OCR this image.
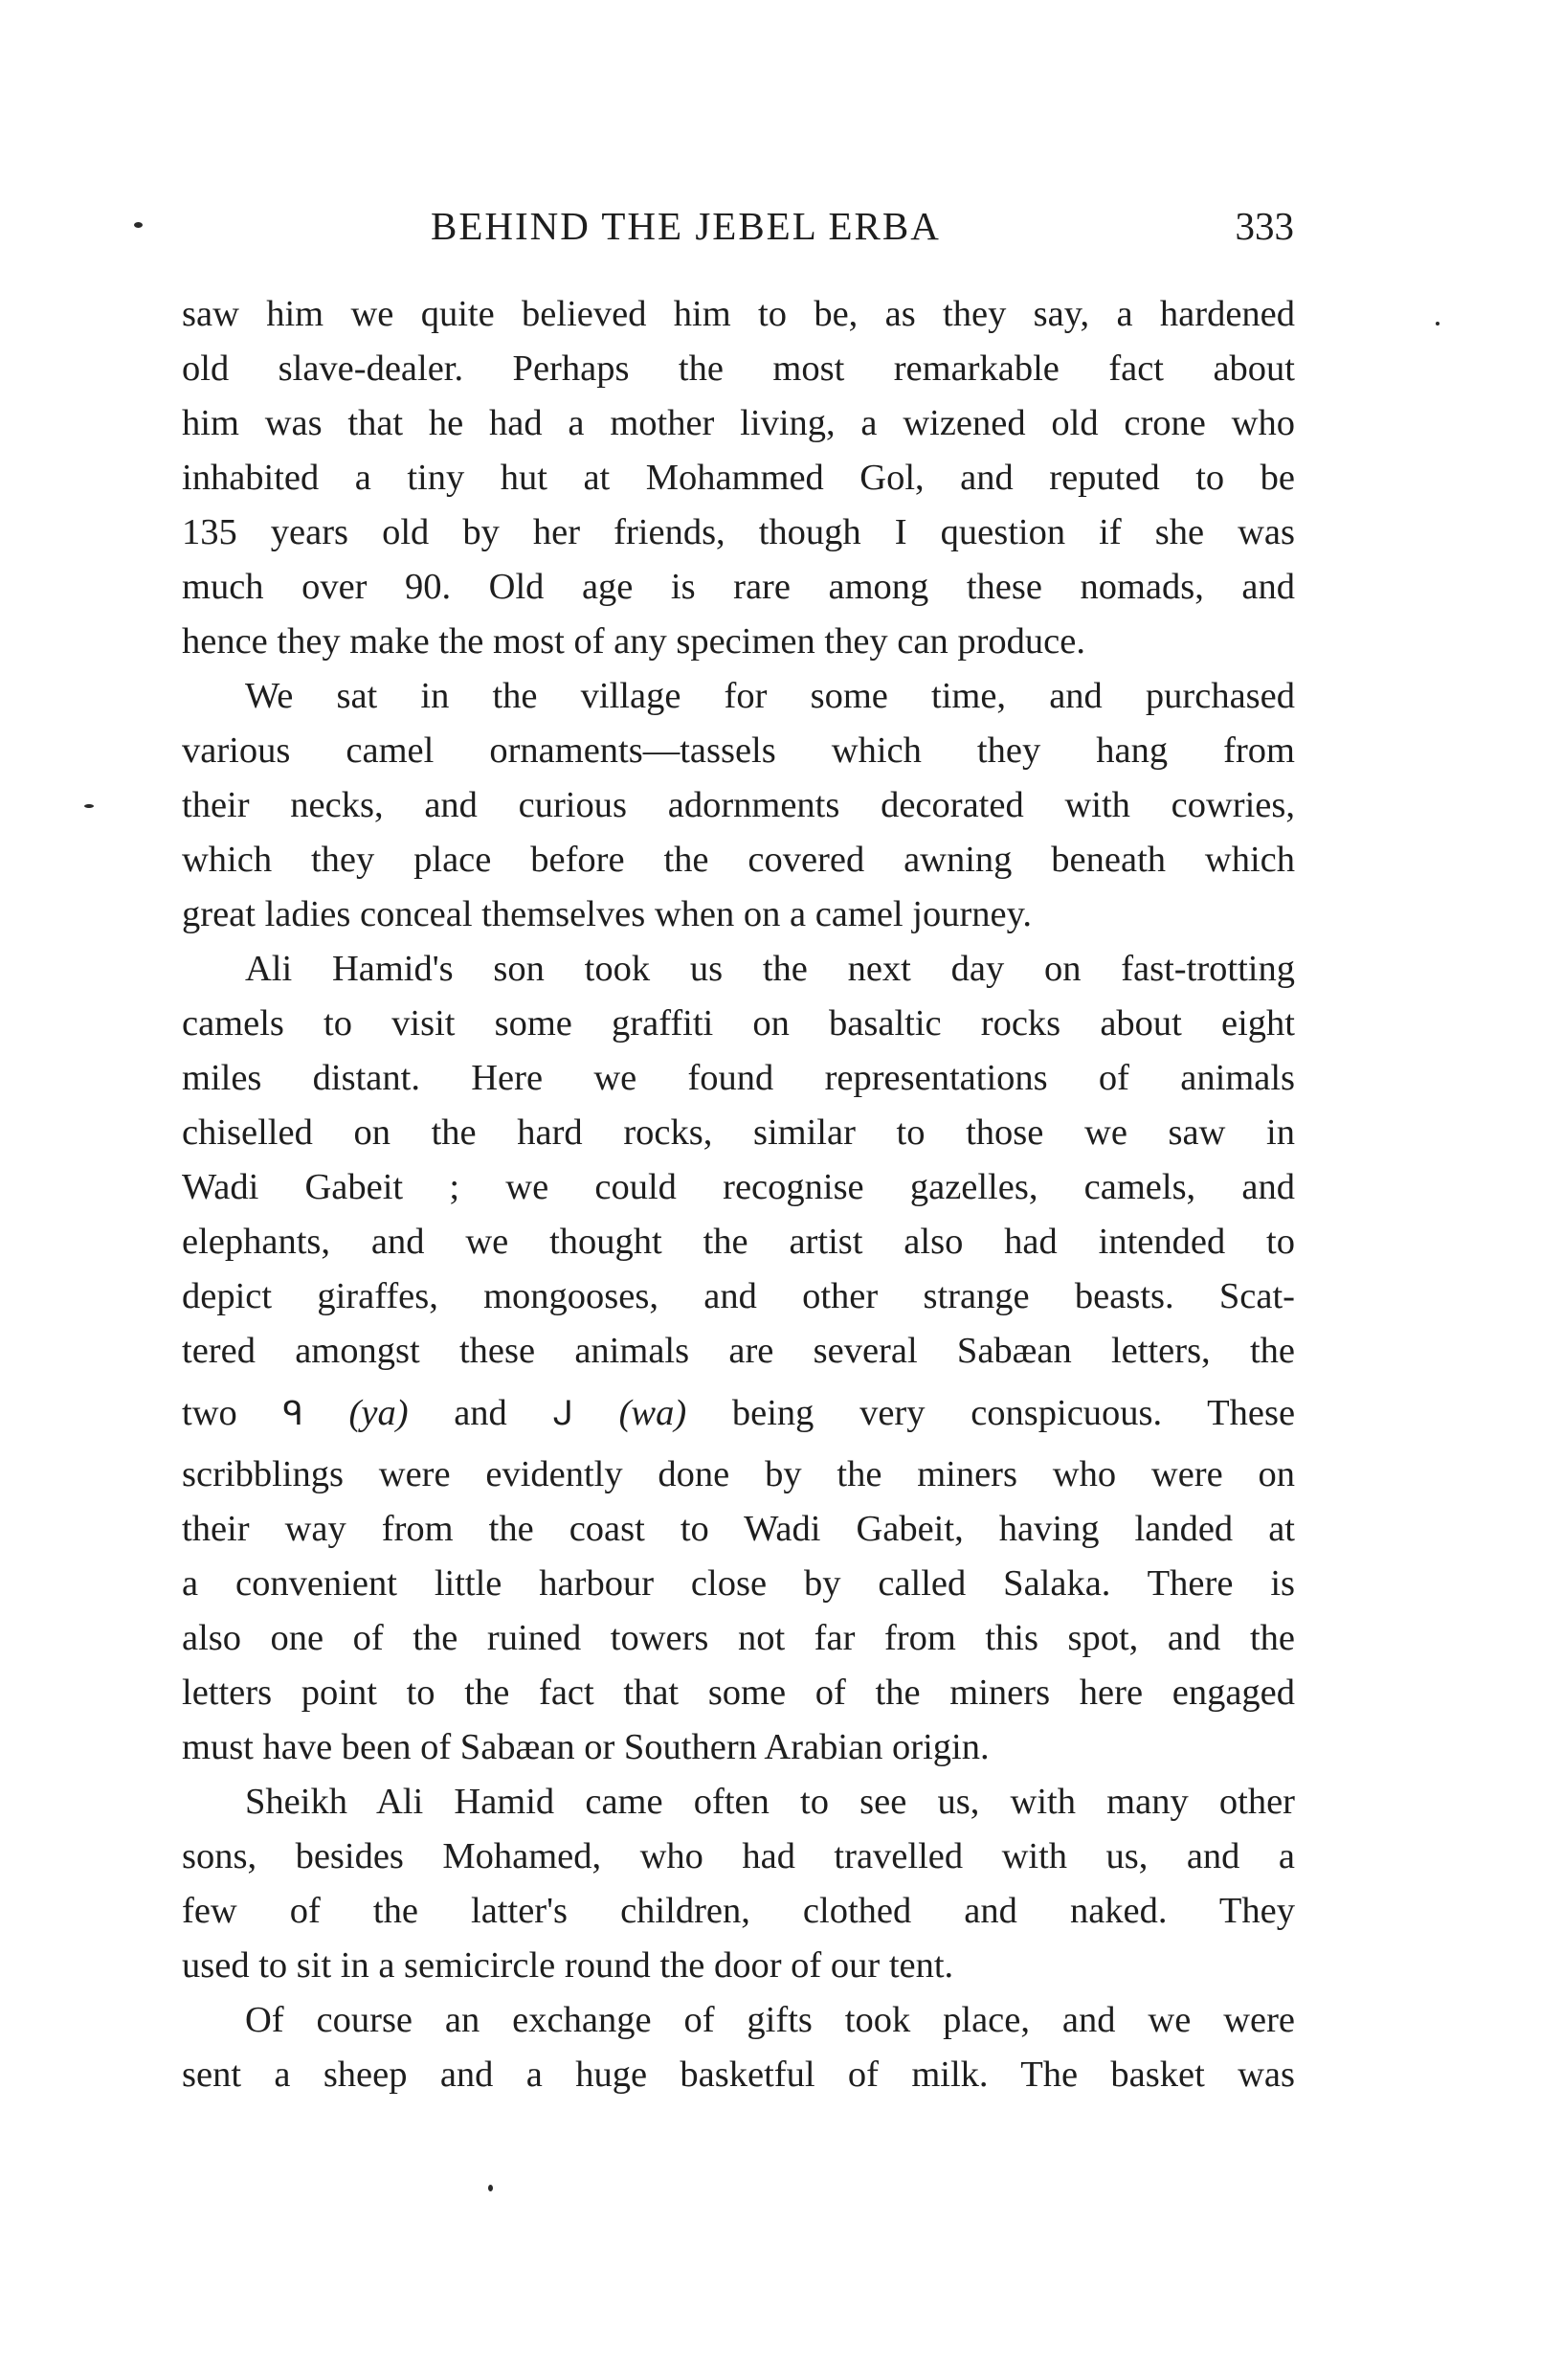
BEHIND THE JEBEL ERBA	333
saw him we quite believed him to be, as they say, a hardened
old slave-dealer. Perhaps the most remarkable fact about
him was that he had a mother living, a wizened old crone who
inhabited a tiny hut at Mohammed Gol, and reputed to be
135 years old by her friends, though I question if she was
much over 90. Old age is rare among these nomads, and
hence they make the most of any specimen they can produce.
We sat in the village for some time, and purchased
various camel ornaments—tassels which they hang from
their necks, and curious adornments decorated with cowries,
which they place before the covered awning beneath which
great ladies conceal themselves when on a camel journey.
Ali Hamid's son took us the next day on fast-trotting
camels to visit some graffiti on basaltic rocks about eight
miles distant. Here we found representations of animals
chiselled on the hard rocks, similar to those we saw in
Wadi Gabeit ; we could recognise gazelles, camels, and
elephants, and we thought the artist also had intended to
depict giraffes, mongooses, and other strange beasts. Scat-
tered amongst these animals are several Sabæan letters, the
two ᑫ (ya) and ᒍ (wa) being very conspicuous. These
scribblings were evidently done by the miners who were on
their way from the coast to Wadi Gabeit, having landed at
a convenient little harbour close by called Salaka. There is
also one of the ruined towers not far from this spot, and the
letters point to the fact that some of the miners here engaged
must have been of Sabæan or Southern Arabian origin.
Sheikh Ali Hamid came often to see us, with many other
sons, besides Mohamed, who had travelled with us, and a
few of the latter's children, clothed and naked. They
used to sit in a semicircle round the door of our tent.
Of course an exchange of gifts took place, and we were
sent a sheep and a huge basketful of milk. The basket was
